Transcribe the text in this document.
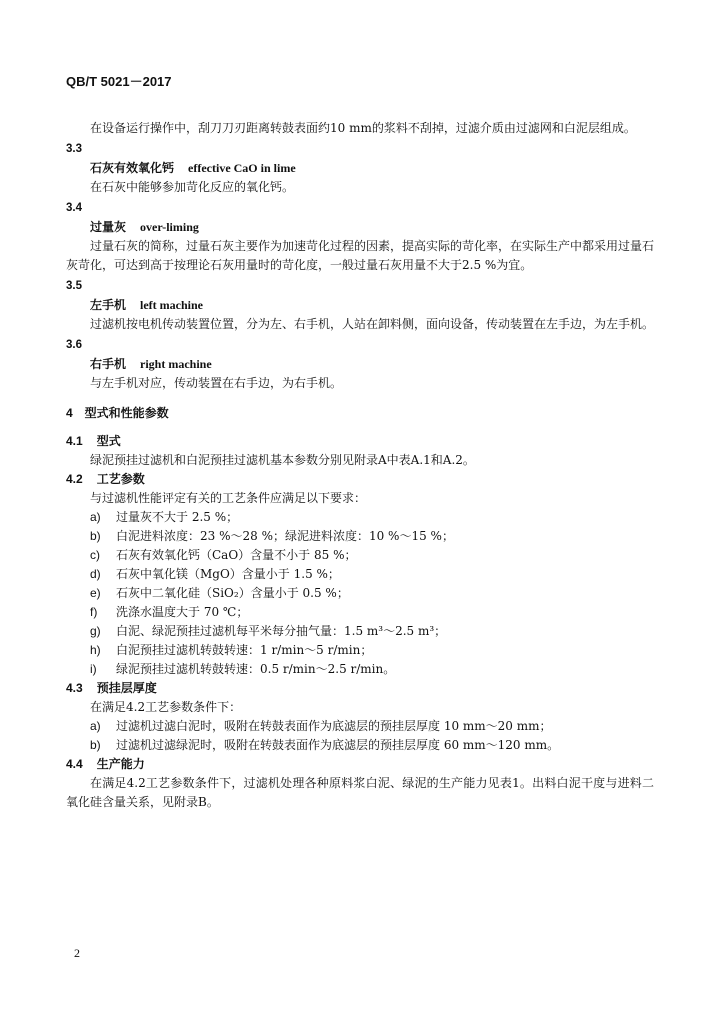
QB/T 5021－2017

在设备运行操作中，刮刀刀刃距离转鼓表面约10 mm的浆料不刮掉，过滤介质由过滤网和白泥层组成。

3.3
石灰有效氧化钙 effective CaO in lime

在石灰中能够参加苛化反应的氧化钙。

3.4
过量灰 over-liming

过量石灰的简称，过量石灰主要作为加速苛化过程的因素，提高实际的苛化率，在实际生产中都采用过量石灰苛化，可达到高于按理论石灰用量时的苛化度，一般过量石灰用量不大于2.5 %为宜。

3.5
左手机 left machine

过滤机按电机传动装置位置，分为左、右手机，人站在卸料侧，面向设备，传动装置在左手边，为左手机。

3.6
右手机 right machine

与左手机对应，传动装置在右手边，为右手机。

4　型式和性能参数
4.1 型式

绿泥预挂过滤机和白泥预挂过滤机基本参数分别见附录A中表A.1和A.2。

4.2 工艺参数

与过滤机性能评定有关的工艺条件应满足以下要求：

a) 过量灰不大于 2.5 %；
b) 白泥进料浓度：23 %～28 %；绿泥进料浓度：10 %～15 %；
c) 石灰有效氧化钙（CaO）含量不小于 85 %；
d) 石灰中氧化镁（MgO）含量小于 1.5 %；
e) 石灰中二氧化硅（SiO₂）含量小于 0.5 %；
f) 洗涤水温度大于 70 ℃；
g) 白泥、绿泥预挂过滤机每平米每分抽气量：1.5 m³～2.5 m³；
h) 白泥预挂过滤机转鼓转速：1 r/min～5 r/min；
i) 绿泥预挂过滤机转鼓转速：0.5 r/min～2.5 r/min。
4.3 预挂层厚度

在满足4.2工艺参数条件下：

a) 过滤机过滤白泥时，吸附在转鼓表面作为底滤层的预挂层厚度 10 mm～20 mm；
b) 过滤机过滤绿泥时，吸附在转鼓表面作为底滤层的预挂层厚度 60 mm～120 mm。
4.4 生产能力

在满足4.2工艺参数条件下，过滤机处理各种原料浆白泥、绿泥的生产能力见表1。出料白泥干度与进料二氧化硅含量关系，见附录B。

2
